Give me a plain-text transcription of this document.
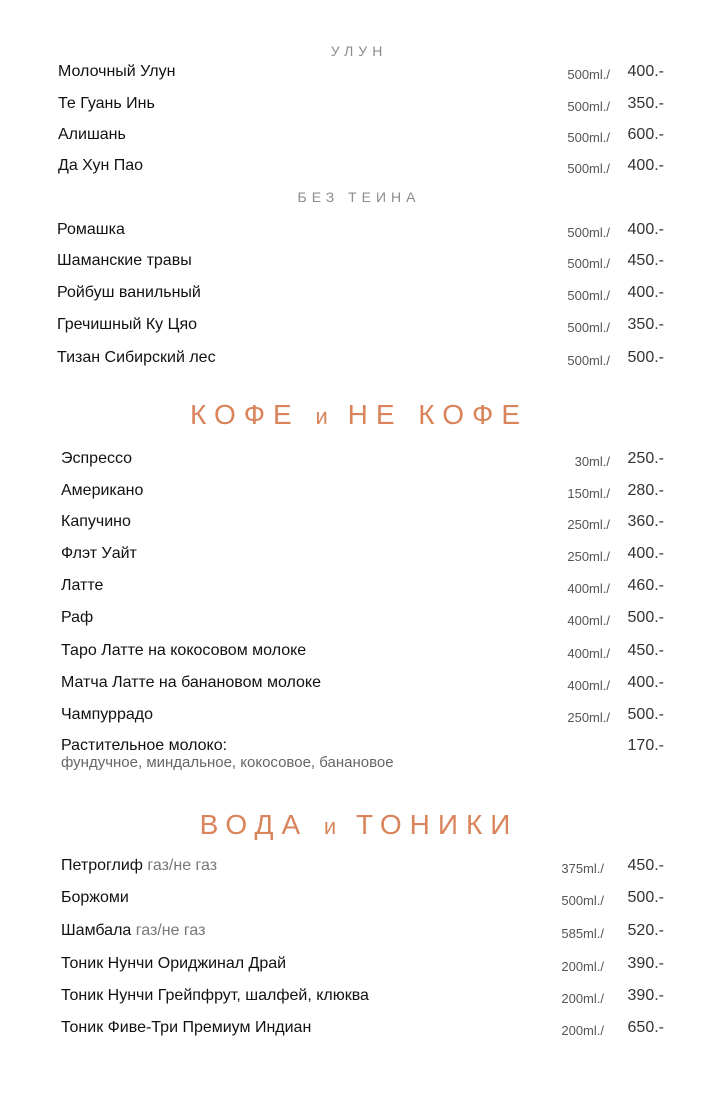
УЛУН
Молочный Улун	500ml./ 400.-
Те Гуань Инь	500ml./ 350.-
Алишань	500ml./ 600.-
Да Хун Пао	500ml./ 400.-
БЕЗ ТЕИНА
Ромашка	500ml./ 400.-
Шаманские травы	500ml./ 450.-
Ройбуш ванильный	500ml./ 400.-
Гречишный Ку Цяо	500ml./ 350.-
Тизан Сибирский лес	500ml./ 500.-
КОФЕ и НЕ КОФЕ
Эспрессо	30ml./ 250.-
Американо	150ml./ 280.-
Капучино	250ml./ 360.-
Флэт Уайт	250ml./ 400.-
Латте	400ml./ 460.-
Раф	400ml./ 500.-
Таро Латте на кокосовом молоке	400ml./ 450.-
Матча Латте на банановом молоке	400ml./ 400.-
Чампуррадо	250ml./ 500.-
Растительное молоко:	170.-
фундучное, миндальное, кокосовое, банановое
ВОДА и ТОНИКИ
Петроглиф газ/не газ	375ml./ 450.-
Боржоми	500ml./ 500.-
Шамбала газ/не газ	585ml./ 520.-
Тоник Нунчи Ориджинал Драй	200ml./ 390.-
Тоник Нунчи Грейпфрут, шалфей, клюква	200ml./ 390.-
Тоник Фиве-Три Премиум Индиан	200ml./ 650.-
